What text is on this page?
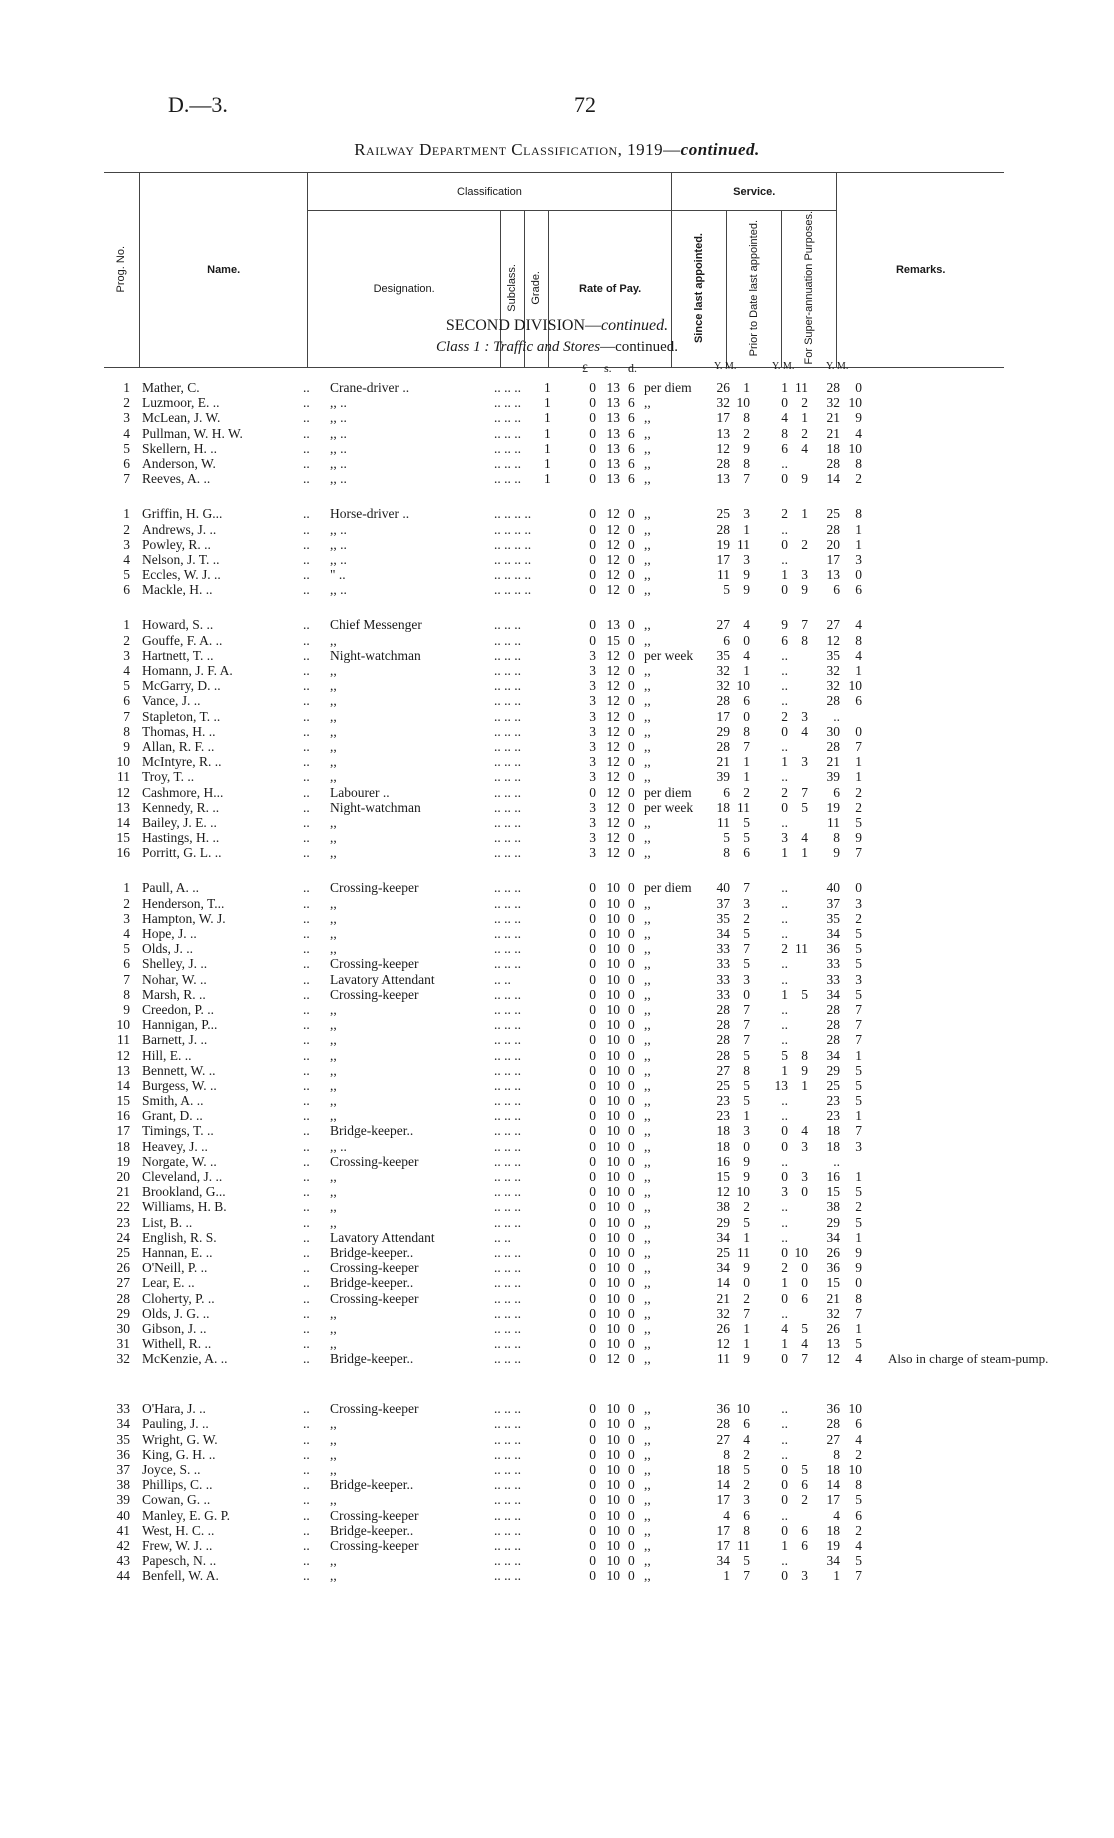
D.—3.	72
Railway Department Classification, 1919—continued.
Prog. No.	Name.	Classification				Service.			Remarks.
		Designation.	Subclass.	Grade.	Rate of Pay.	Since last appointed.	Prior to Date last appointed.	For Super-annuation Purposes.	
SECOND DIVISION—continued.
Class 1 : Traffic and Stores—continued.
£ s. d.	Y. M.	Y. M.	Y. M.
1 Mather, C.	.. Crane-driver ..	.. .. .. 1	0 13 6 per diem	26 1	1 11	28	0
2 Luzmoor, E. ..	.. ,, ..	.. .. .. 1	0 13 6 ,,	32 10	0 2	32 10
3 McLean, J. W.	.. ,, ..	.. .. .. 1	0 13 6 ,,	17 8	4 1	21	9
4 Pullman, W. H. W.	.. ,, ..	.. .. .. 1	0 13 6 ,,	13 2	8 2	21	4
5 Skellern, H. ..	.. ,, ..	.. .. .. 1	0 13 6 ,,	12 9	6 4	18 10
6 Anderson, W.	.. ,, ..	.. .. .. 1	0 13 6 ,,	28 8	..	28	8
7 Reeves, A. ..	.. ,, ..	.. .. .. 1	0 13 6 ,,	13 7	0 9	14	2
1 Griffin, H. G...	.. Horse-driver ..	.. .. .. ..	0 12 0 ,,	25 3	2 1	25	8
2 Andrews, J. ..	.. ,, ..	.. .. .. ..	0 12 0 ,,	28 1	..	28	1
3 Powley, R. ..	.. ,, ..	.. .. .. ..	0 12 0 ,,	19 11	0 2	20	1
4 Nelson, J. T. ..	.. ,, ..	.. .. .. ..	0 12 0 ,,	17 3	..	17	3
5 Eccles, W. J. ..	.. " ..	.. .. .. ..	0 12 0 ,,	11 9	1 3	13	0
6 Mackle, H. ..	.. ,, ..	.. .. .. ..	0 12 0 ,,	5 9	0 9	6	6
1 Howard, S. ..	.. Chief Messenger	.. .. ..	0 13 0 ,,	27 4	9 7	27	4
2 Gouffe, F. A. ..	.. ,,	.. .. ..	0 15 0 ,,	6 0	6 8	12	8
3 Hartnett, T. ..	.. Night-watchman	.. .. ..	3 12 0 per week	35 4	..	35	4
4 Homann, J. F. A.	.. ,,	.. .. ..	3 12 0 ,,	32 1	..	32	1
5 McGarry, D. ..	.. ,,	.. .. ..	3 12 0 ,,	32 10	..	32 10
6 Vance, J. ..	.. ,,	.. .. ..	3 12 0 ,,	28 6	..	28	6
7 Stapleton, T. ..	.. ,,	.. .. ..	3 12 0 ,,	17 0	2 3	..
8 Thomas, H. ..	.. ,,	.. .. ..	3 12 0 ,,	29 8	0 4	30	0
9 Allan, R. F. ..	.. ,,	.. .. ..	3 12 0 ,,	28 7	..	28	7
10 McIntyre, R. ..	.. ,,	.. .. ..	3 12 0 ,,	21 1	1 3	21	1
11 Troy, T. ..	.. ,,	.. .. ..	3 12 0 ,,	39 1	..	39	1
12 Cashmore, H...	.. Labourer ..	.. .. ..	0 12 0 per diem	6 2	2 7	6	2
13 Kennedy, R. ..	.. Night-watchman	.. .. ..	3 12 0 per week	18 11	0 5	19	2
14 Bailey, J. E. ..	.. ,,	.. .. ..	3 12 0 ,,	11 5	..	11	5
15 Hastings, H. ..	.. ,,	.. .. ..	3 12 0 ,,	5 5	3 4	8	9
16 Porritt, G. L. ..	.. ,,	.. .. ..	3 12 0 ,,	8 6	1 1	9	7
1 Paull, A. ..	.. Crossing-keeper	.. .. ..	0 10 0 per diem	40 7	..	40	0
2 Henderson, T...	.. ,,	.. .. ..	0 10 0 ,,	37 3	..	37	3
3 Hampton, W. J.	.. ,,	.. .. ..	0 10 0 ,,	35 2	..	35	2
4 Hope, J. ..	.. ,,	.. .. ..	0 10 0 ,,	34 5	..	34	5
5 Olds, J. ..	.. ,,	.. .. ..	0 10 0 ,,	33 7	2 11	36	5
6 Shelley, J. ..	.. Crossing-keeper	.. .. ..	0 10 0 ,,	33 5	..	33	5
7 Nohar, W. ..	.. Lavatory Attendant	.. ..	0 10 0 ,,	33 3	..	33	3
8 Marsh, R. ..	.. Crossing-keeper	.. .. ..	0 10 0 ,,	33 0	1 5	34	5
9 Creedon, P. ..	.. ,,	.. .. ..	0 10 0 ,,	28 7	..	28	7
10 Hannigan, P...	.. ,,	.. .. ..	0 10 0 ,,	28 7	..	28	7
11 Barnett, J. ..	.. ,,	.. .. ..	0 10 0 ,,	28 7	..	28	7
12 Hill, E. ..	.. ,,	.. .. ..	0 10 0 ,,	28 5	5 8	34	1
13 Bennett, W. ..	.. ,,	.. .. ..	0 10 0 ,,	27 8	1 9	29	5
14 Burgess, W. ..	.. ,,	.. .. ..	0 10 0 ,,	25 5	13 1	25	5
15 Smith, A. ..	.. ,,	.. .. ..	0 10 0 ,,	23 5	..	23	5
16 Grant, D. ..	.. ,,	.. .. ..	0 10 0 ,,	23 1	..	23	1
17 Timings, T. ..	.. Bridge-keeper..	.. .. ..	0 10 0 ,,	18 3	0 4	18	7
18 Heavey, J. ..	.. ,, ..	.. .. ..	0 10 0 ,,	18 0	0 3	18	3
19 Norgate, W. ..	.. Crossing-keeper	.. .. ..	0 10 0 ,,	16 9	..	..
20 Cleveland, J. ..	.. ,,	.. .. ..	0 10 0 ,,	15 9	0 3	16	1
21 Brookland, G...	.. ,,	.. .. ..	0 10 0 ,,	12 10	3 0	15	5
22 Williams, H. B.	.. ,,	.. .. ..	0 10 0 ,,	38 2	..	38	2
23 List, B. ..	.. ,,	.. .. ..	0 10 0 ,,	29 5	..	29	5
24 English, R. S.	.. Lavatory Attendant	.. ..	0 10 0 ,,	34 1	..	34	1
25 Hannan, E. ..	.. Bridge-keeper..	.. .. ..	0 10 0 ,,	25 11	0 10	26	9
26 O'Neill, P. ..	.. Crossing-keeper	.. .. ..	0 10 0 ,,	34 9	2 0	36	9
27 Lear, E. ..	.. Bridge-keeper..	.. .. ..	0 10 0 ,,	14 0	1 0	15	0
28 Cloherty, P. ..	.. Crossing-keeper	.. .. ..	0 10 0 ,,	21 2	0 6	21	8
29 Olds, J. G. ..	.. ,,	.. .. ..	0 10 0 ,,	32 7	..	32	7
30 Gibson, J. ..	.. ,,	.. .. ..	0 10 0 ,,	26 1	4 5	26	1
31 Withell, R. ..	.. ,,	.. .. ..	0 10 0 ,,	12 1	1 4	13	5
32 McKenzie, A. ..	.. Bridge-keeper..	.. .. ..	0 12 0 ,,	11 9	0 7	12	4 Also in charge of steam-pump.
33 O'Hara, J. ..	.. Crossing-keeper	.. .. ..	0 10 0 ,,	36 10	..	36 10
34 Pauling, J. ..	.. ,,	.. .. ..	0 10 0 ,,	28 6	..	28	6
35 Wright, G. W.	.. ,,	.. .. ..	0 10 0 ,,	27 4	..	27	4
36 King, G. H. ..	.. ,,	.. .. ..	0 10 0 ,,	8 2	..	8	2
37 Joyce, S. ..	.. ,,	.. .. ..	0 10 0 ,,	18 5	0 5	18 10
38 Phillips, C. ..	.. Bridge-keeper..	.. .. ..	0 10 0 ,,	14 2	0 6	14	8
39 Cowan, G. ..	.. ,,	.. .. ..	0 10 0 ,,	17 3	0 2	17	5
40 Manley, E. G. P.	.. Crossing-keeper	.. .. ..	0 10 0 ,,	4 6	..	4	6
41 West, H. C. ..	.. Bridge-keeper..	.. .. ..	0 10 0 ,,	17 8	0 6	18	2
42 Frew, W. J. ..	.. Crossing-keeper	.. .. ..	0 10 0 ,,	17 11	1 6	19	4
43 Papesch, N. ..	.. ,,	.. .. ..	0 10 0 ,,	34 5	..	34	5
44 Benfell, W. A.	.. ,,	.. .. ..	0 10 0 ,,	1 7	0 3	1	7
